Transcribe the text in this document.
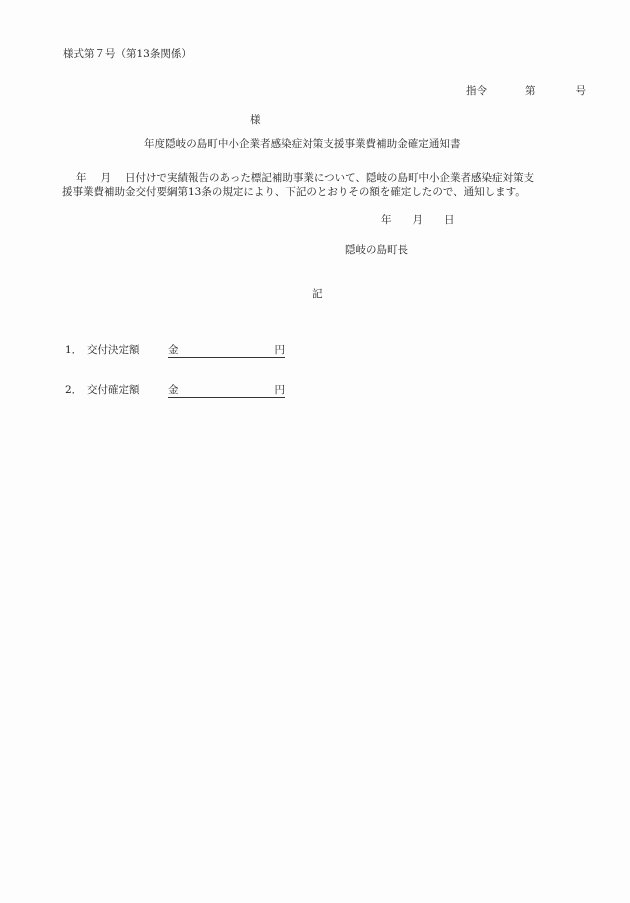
様式第７号（第13条関係）
指令	第	号
様
年度隠岐の島町中小企業者感染症対策支援事業費補助金確定通知書
年 月 日付けで実績報告のあった標記補助事業について、隠岐の島町中小企業者感染症対策支
援事業費補助金交付要綱第13条の規定により、下記のとおりその額を確定したので、通知します。
年 月 日
隠岐の島町長
記
1． 交付決定額	金	円
2． 交付確定額	金	円
